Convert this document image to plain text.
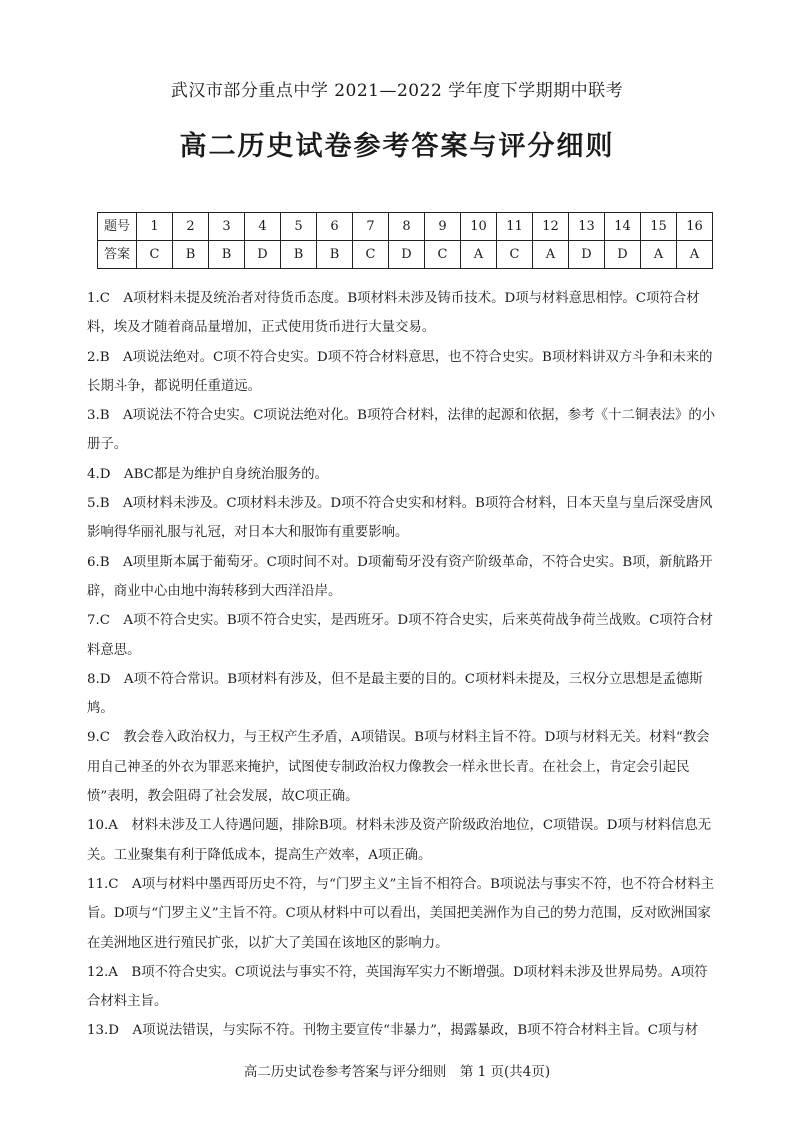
武汉市部分重点中学 2021—2022 学年度下学期期中联考
高二历史试卷参考答案与评分细则
题号	1	2	3	4	5	6	7	8	9	10	11	12	13	14	15	16
答案	C	B	B	D	B	B	C	D	C	A	C	A	D	D	A	A

1.C  A项材料未提及统治者对待货币态度。B项材料未涉及铸币技术。D项与材料意思相悖。C项符合材料，埃及才随着商品量增加，正式使用货币进行大量交易。

2.B  A项说法绝对。C项不符合史实。D项不符合材料意思，也不符合史实。B项材料讲双方斗争和未来的长期斗争，都说明任重道远。

3.B  A项说法不符合史实。C项说法绝对化。B项符合材料，法律的起源和依据，参考《十二铜表法》的小册子。

4.D  ABC都是为维护自身统治服务的。

5.B  A项材料未涉及。C项材料未涉及。D项不符合史实和材料。B项符合材料，日本天皇与皇后深受唐风影响得华丽礼服与礼冠，对日本大和服饰有重要影响。

6.B  A项里斯本属于葡萄牙。C项时间不对。D项葡萄牙没有资产阶级革命，不符合史实。B项，新航路开辟，商业中心由地中海转移到大西洋沿岸。

7.C  A项不符合史实。B项不符合史实，是西班牙。D项不符合史实，后来英荷战争荷兰战败。C项符合材料意思。

8.D  A项不符合常识。B项材料有涉及，但不是最主要的目的。C项材料未提及，三权分立思想是孟德斯鸠。

9.C  教会卷入政治权力，与王权产生矛盾，A项错误。B项与材料主旨不符。D项与材料无关。材料“教会用自己神圣的外衣为罪恶来掩护，试图使专制政治权力像教会一样永世长青。在社会上，肯定会引起民愤”表明，教会阻碍了社会发展，故C项正确。

10.A  材料未涉及工人待遇问题，排除B项。材料未涉及资产阶级政治地位，C项错误。D项与材料信息无关。工业聚集有利于降低成本，提高生产效率，A项正确。

11.C  A项与材料中墨西哥历史不符，与“门罗主义”主旨不相符合。B项说法与事实不符，也不符合材料主旨。D项与“门罗主义”主旨不符。C项从材料中可以看出，美国把美洲作为自己的势力范围，反对欧洲国家在美洲地区进行殖民扩张，以扩大了美国在该地区的影响力。

12.A  B项不符合史实。C项说法与事实不符，英国海军实力不断增强。D项材料未涉及世界局势。A项符合材料主旨。

13.D  A项说法错误，与实际不符。刊物主要宣传“非暴力”，揭露暴政，B项不符合材料主旨。C项与材

高二历史试卷参考答案与评分细则　第 1 页(共4页)
